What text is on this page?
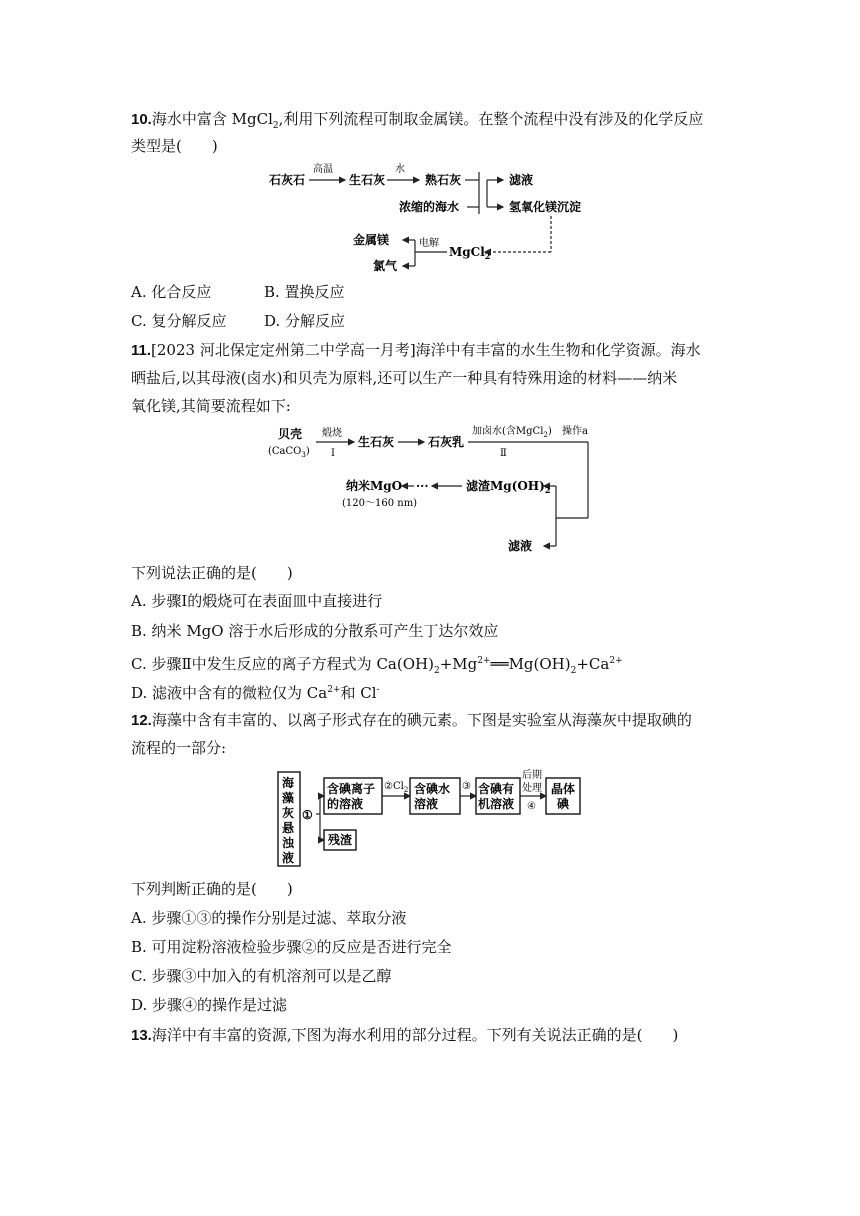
10.海水中富含 MgCl$_2$,利用下列流程可制取金属镁。在整个流程中没有涉及的化学反应
类型是(　　)
石灰石
高温
生石灰
水
熟石灰
浓缩的海水
滤液
氢氧化镁沉淀
MgCl$_2$
电解
金属镁
氯气
A. 化合反应	B. 置换反应
C. 复分解反应	D. 分解反应
11.[2023 河北保定定州第二中学高一月考]海洋中有丰富的水生生物和化学资源。海水
晒盐后,以其母液(卤水)和贝壳为原料,还可以生产一种具有特殊用途的材料——纳米
氧化镁,其简要流程如下:
贝壳
(CaCO$_3$)
煅烧
Ⅰ
生石灰	石灰乳
加卤水(含MgCl$_2$) 操作a
Ⅱ
滤渣$Mg(OH)_2$
滤液
···
纳米MgO
(120～160 nm)
下列说法正确的是(　　)
A. 步骤Ⅰ的煅烧可在表面皿中直接进行
B. 纳米 MgO 溶于水后形成的分散系可产生丁达尔效应
C. 步骤Ⅱ中发生反应的离子方程式为 $Ca(OH)_2+Mg^{2+}══Mg(OH)_2+Ca^{2+}$
D. 滤液中含有的微粒仅为 $Ca^{2+}$和 Cl-
12.海藻中含有丰富的、以离子形式存在的碘元素。下图是实验室从海藻灰中提取碘的
流程的一部分:
海
藻
灰
悬
浊
液
①
含碘离子
的溶液
$②Cl_2$ 含碘水
溶液
③ 含碘有
机溶液
后期
处理
④
晶体
碘
残渣
下列判断正确的是(　　)
A. 步骤①③的操作分别是过滤、萃取分液
B. 可用淀粉溶液检验步骤②的反应是否进行完全
C. 步骤③中加入的有机溶剂可以是乙醇
D. 步骤④的操作是过滤
13.海洋中有丰富的资源,下图为海水利用的部分过程。下列有关说法正确的是(　　)
